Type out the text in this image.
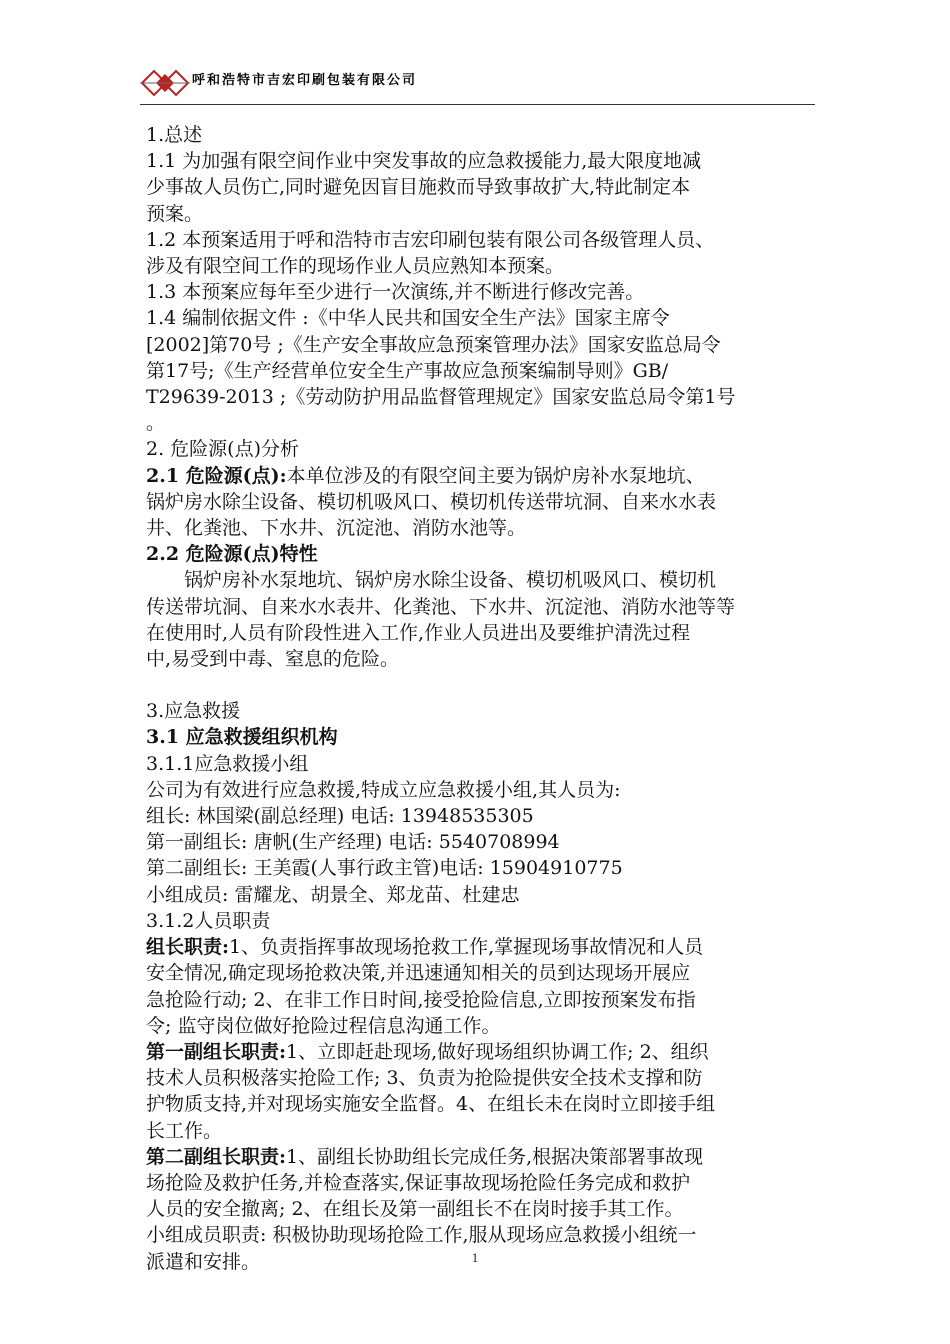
呼和浩特市吉宏印刷包装有限公司

1.总述

1.1 为加强有限空间作业中突发事故的应急救援能力,最大限度地减

少事故人员伤亡,同时避免因盲目施救而导致事故扩大,特此制定本

预案。

1.2 本预案适用于呼和浩特市吉宏印刷包装有限公司各级管理人员、

涉及有限空间工作的现场作业人员应熟知本预案。

1.3 本预案应每年至少进行一次演练,并不断进行修改完善。

1.4 编制依据文件 :《中华人民共和国安全生产法》国家主席令

[2002]第70号 ;《生产安全事故应急预案管理办法》国家安监总局令

第17号;《生产经营单位安全生产事故应急预案编制导则》GB/

T29639-2013 ;《劳动防护用品监督管理规定》国家安监总局令第1号

。

2. 危险源(点)分析

2.1 危险源(点):本单位涉及的有限空间主要为锅炉房补水泵地坑、

锅炉房水除尘设备、模切机吸风口、模切机传送带坑洞、自来水水表

井、化粪池、下水井、沉淀池、消防水池等。

2.2 危险源(点)特性

锅炉房补水泵地坑、锅炉房水除尘设备、模切机吸风口、模切机

传送带坑洞、自来水水表井、化粪池、下水井、沉淀池、消防水池等等

在使用时,人员有阶段性进入工作,作业人员进出及要维护清洗过程

中,易受到中毒、窒息的危险。

3.应急救援

3.1 应急救援组织机构

3.1.1应急救援小组

公司为有效进行应急救援,特成立应急救援小组,其人员为:

组长: 林国梁(副总经理) 电话: 13948535305

第一副组长: 唐帆(生产经理) 电话: 5540708994

第二副组长: 王美霞(人事行政主管)电话: 15904910775

小组成员: 雷耀龙、胡景全、郑龙苗、杜建忠

3.1.2人员职责

组长职责:1、负责指挥事故现场抢救工作,掌握现场事故情况和人员

安全情况,确定现场抢救决策,并迅速通知相关的员到达现场开展应

急抢险行动; 2、在非工作日时间,接受抢险信息,立即按预案发布指

令; 监守岗位做好抢险过程信息沟通工作。

第一副组长职责:1、立即赶赴现场,做好现场组织协调工作; 2、组织

技术人员积极落实抢险工作; 3、负责为抢险提供安全技术支撑和防

护物质支持,并对现场实施安全监督。4、在组长未在岗时立即接手组

长工作。

第二副组长职责:1、副组长协助组长完成任务,根据决策部署事故现

场抢险及救护任务,并检查落实,保证事故现场抢险任务完成和救护

人员的安全撤离; 2、在组长及第一副组长不在岗时接手其工作。

小组成员职责: 积极协助现场抢险工作,服从现场应急救援小组统一

派遣和安排。	1
